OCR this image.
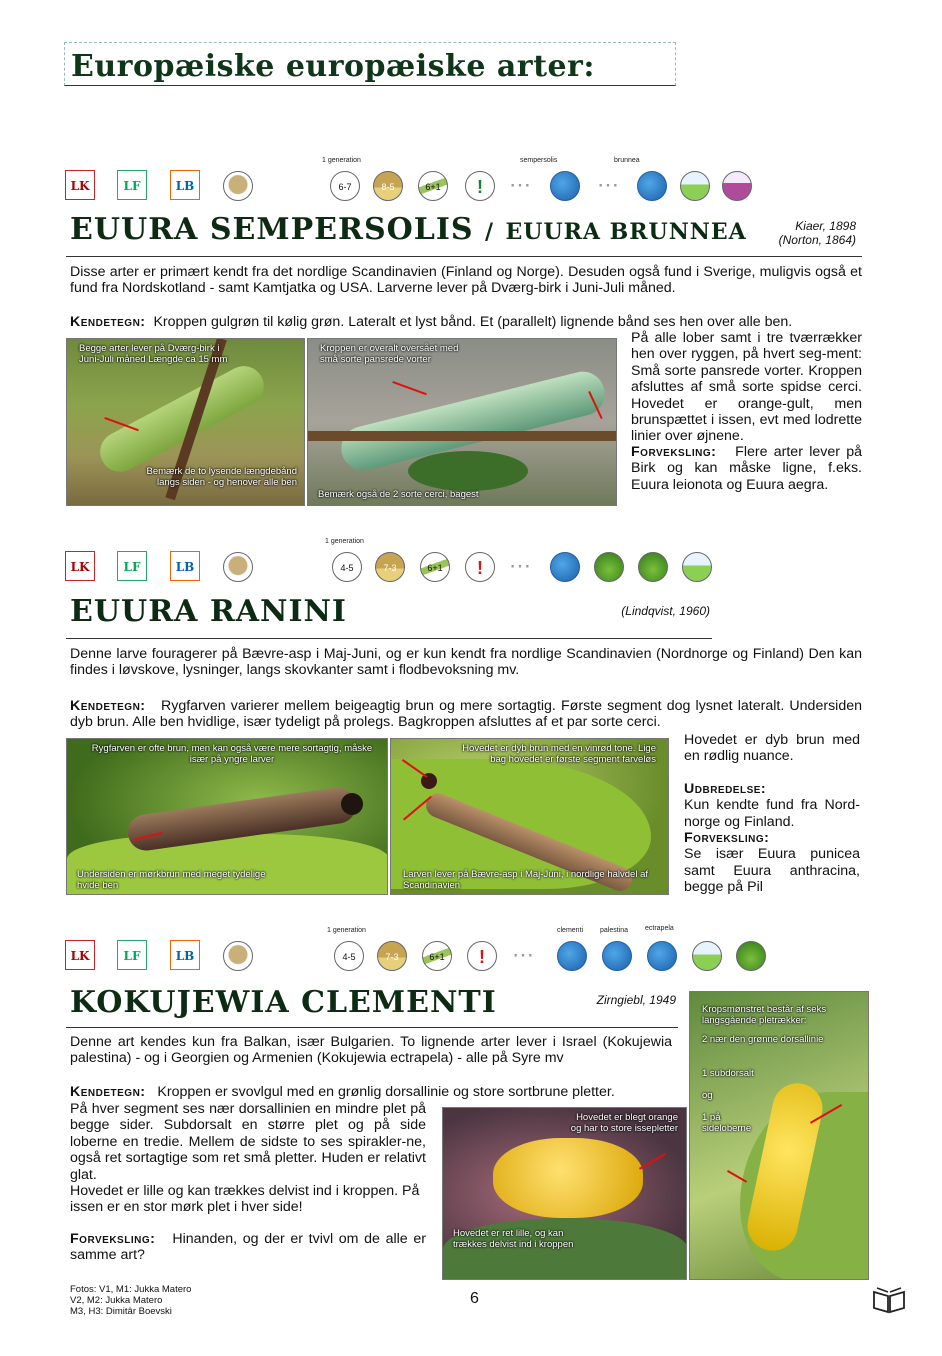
Europæiske europæiske arter:
LK	LF	LB
1 generation
6-7	8-5	6+1	!	⋯
sempersolis
⋯
brunnea
EUURA SEMPERSOLIS / EUURA BRUNNEA	Kiaer, 1898
(Norton, 1864)
Disse arter er primært kendt fra det nordlige Scandinavien (Finland og Norge). Desuden også fund i Sverige, muligvis også et fund fra Nordskotland - samt Kamtjatka og USA. Larverne lever på Dværg-birk i Juni-Juli måned.
Kendetegn: Kroppen gulgrøn til kølig grøn. Lateralt et lyst bånd. Et (parallelt) lignende bånd ses hen over alle ben.
Begge arter lever på Dværg-birk i Juni-Juli måned Længde ca 15 mm
Bemærk de to lysende længdebånd langs siden - og henover alle ben
Kroppen er overalt oversået med små sorte pansrede vorter
Bemærk også de 2 sorte cerci, bagest
På alle lober samt i tre tværrækker hen over ryggen, på hvert seg-ment: Små sorte pansrede vorter. Kroppen afsluttes af små sorte spidse cerci. Hovedet er orange-gult, men brunspættet i issen, evt med lodrette linier over øjnene.
Forveksling: Flere arter lever på Birk og kan måske ligne, f.eks. Euura leionota og Euura aegra.
LK	LF	LB
1 generation
4-5	7-3	6+1	!	⋯
EUURA RANINI	(Lindqvist, 1960)
Denne larve fouragerer på Bævre-asp i Maj-Juni, og er kun kendt fra nordlige Scandinavien (Nordnorge og Finland) Den kan findes i løvskove, lysninger, langs skovkanter samt i flodbevoksning mv.
Kendetegn: Rygfarven varierer mellem beigeagtig brun og mere sortagtig. Første segment dog lysnet lateralt. Undersiden dyb brun. Alle ben hvidlige, især tydeligt på prolegs. Bagkroppen afsluttes af et par sorte cerci.
Rygfarven er ofte brun, men kan også være mere sortagtig, måske især på yngre larver
Undersiden er mørkbrun med meget tydelige hvide ben
Hovedet er dyb brun med en vinrød tone. Lige bag hovedet er første segment farveløs
Larven lever på Bævre-asp i Maj-Juni, i nordlige halvdel af Scandinavien
Hovedet er dyb brun med en rødlig nuance.
Udbredelse:
Kun kendte fund fra Nord-norge og Finland.
Forveksling:
Se især Euura punicea samt Euura anthracina, begge på Pil
LK	LF	LB
1 generation
4-5	7-3	6+1	!	⋯
clementi palestina ectrapela
KOKUJEWIA CLEMENTI	Zirngiebl, 1949
Denne art kendes kun fra Balkan, især Bulgarien. To lignende arter lever i Israel (Kokujewia palestina) - og i Georgien og Armenien (Kokujewia ectrapela) - alle på Syre mv
Kendetegn: Kroppen er svovlgul med en grønlig dorsallinie og store sortbrune pletter.
På hver segment ses nær dorsallinien en mindre plet på begge sider. Subdorsalt en større plet og på side loberne en tredie. Mellem de sidste to ses spirakler-ne, også ret sortagtige som ret små pletter. Huden er relativt glat.
Hovedet er lille og kan trækkes delvist ind i kroppen. På issen er en stor mørk plet i hver side!
Forveksling: Hinanden, og der er tvivl om de alle er samme art?
Hovedet er blegt orange og har to store issepletter
Hovedet er ret lille, og kan trækkes delvist ind i kroppen
Kropsmønstret består af seks langsgående pletrækker:
2 nær den grønne dorsallinie
1 subdorsalt
og
1 på sideloberne
Fotos: V1, M1: Jukka Matero
V2, M2: Jukka Matero
M3, H3: Dimitâr Boevski
6
